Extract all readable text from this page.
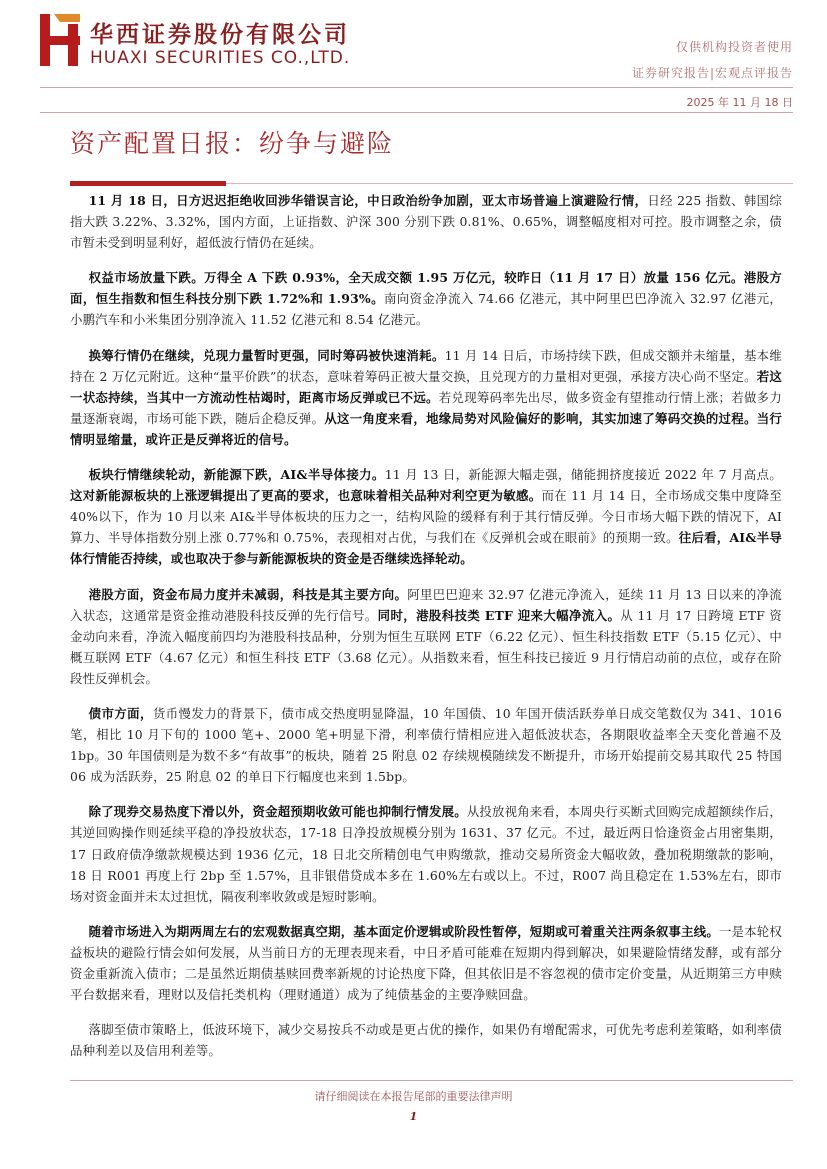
华西证券股份有限公司
HUAXI SECURITIES CO.,LTD.
仅供机构投资者使用
证券研究报告|宏观点评报告
2025 年 11 月 18 日
资产配置日报：纷争与避险

11 月 18 日，日方迟迟拒绝收回涉华错误言论，中日政治纷争加剧，亚太市场普遍上演避险行情，日经 225 指数、韩国综指大跌 3.22%、3.32%，国内方面，上证指数、沪深 300 分别下跌 0.81%、0.65%，调整幅度相对可控。股市调整之余，债市暂未受到明显利好，超低波行情仍在延续。

权益市场放量下跌。万得全 A 下跌 0.93%，全天成交额 1.95 万亿元，较昨日（11 月 17 日）放量 156 亿元。港股方面，恒生指数和恒生科技分别下跌 1.72%和 1.93%。南向资金净流入 74.66 亿港元，其中阿里巴巴净流入 32.97 亿港元，小鹏汽车和小米集团分别净流入 11.52 亿港元和 8.54 亿港元。

换筹行情仍在继续，兑现力量暂时更强，同时筹码被快速消耗。11 月 14 日后，市场持续下跌，但成交额并未缩量，基本维持在 2 万亿元附近。这种“量平价跌”的状态，意味着筹码正被大量交换，且兑现方的力量相对更强，承接方决心尚不坚定。若这一状态持续，当其中一方流动性枯竭时，距离市场反弹或已不远。若兑现筹码率先出尽，做多资金有望推动行情上涨；若做多力量逐渐衰竭，市场可能下跌，随后企稳反弹。从这一角度来看，地缘局势对风险偏好的影响，其实加速了筹码交换的过程。当行情明显缩量，或许正是反弹将近的信号。

板块行情继续轮动，新能源下跌，AI&半导体接力。11 月 13 日，新能源大幅走强，储能拥挤度接近 2022 年 7 月高点。这对新能源板块的上涨逻辑提出了更高的要求，也意味着相关品种对利空更为敏感。而在 11 月 14 日，全市场成交集中度降至 40%以下，作为 10 月以来 AI&半导体板块的压力之一，结构风险的缓释有利于其行情反弹。今日市场大幅下跌的情况下，AI 算力、半导体指数分别上涨 0.77%和 0.75%，表现相对占优，与我们在《反弹机会或在眼前》的预期一致。往后看，AI&半导体行情能否持续，或也取决于参与新能源板块的资金是否继续选择轮动。

港股方面，资金布局力度并未减弱，科技是其主要方向。阿里巴巴迎来 32.97 亿港元净流入，延续 11 月 13 日以来的净流入状态，这通常是资金推动港股科技反弹的先行信号。同时，港股科技类 ETF 迎来大幅净流入。从 11 月 17 日跨境 ETF 资金动向来看，净流入幅度前四均为港股科技品种，分别为恒生互联网 ETF（6.22 亿元）、恒生科技指数 ETF（5.15 亿元）、中概互联网 ETF（4.67 亿元）和恒生科技 ETF（3.68 亿元）。从指数来看，恒生科技已接近 9 月行情启动前的点位，或存在阶段性反弹机会。

债市方面，货币慢发力的背景下，债市成交热度明显降温，10 年国债、10 年国开债活跃券单日成交笔数仅为 341、1016 笔，相比 10 月下旬的 1000 笔+、2000 笔+明显下滑，利率债行情相应进入超低波状态，各期限收益率全天变化普遍不及 1bp。30 年国债则是为数不多“有故事”的板块，随着 25 附息 02 存续规模随续发不断提升，市场开始提前交易其取代 25 特国 06 成为活跃券，25 附息 02 的单日下行幅度也来到 1.5bp。

除了现券交易热度下滑以外，资金超预期收敛可能也抑制行情发展。从投放视角来看，本周央行买断式回购完成超额续作后，其逆回购操作则延续平稳的净投放状态，17-18 日净投放规模分别为 1631、37 亿元。不过，最近两日恰逢资金占用密集期，17 日政府债净缴款规模达到 1936 亿元，18 日北交所精创电气申购缴款，推动交易所资金大幅收敛，叠加税期缴款的影响，18 日 R001 再度上行 2bp 至 1.57%，且非银借贷成本多在 1.60%左右或以上。不过，R007 尚且稳定在 1.53%左右，即市场对资金面并未太过担忧，隔夜利率收敛或是短时影响。

随着市场进入为期两周左右的宏观数据真空期，基本面定价逻辑或阶段性暂停，短期或可着重关注两条叙事主线。一是本轮权益板块的避险行情会如何发展，从当前日方的无理表现来看，中日矛盾可能难在短期内得到解决，如果避险情绪发酵，或有部分资金重新流入债市；二是虽然近期债基赎回费率新规的讨论热度下降，但其依旧是不容忽视的债市定价变量，从近期第三方申赎平台数据来看，理财以及信托类机构（理财通道）成为了纯债基金的主要净赎回盘。

落脚至债市策略上，低波环境下，减少交易按兵不动或是更占优的操作，如果仍有增配需求，可优先考虑利差策略，如利率债品种利差以及信用利差等。

请仔细阅读在本报告尾部的重要法律声明
1
